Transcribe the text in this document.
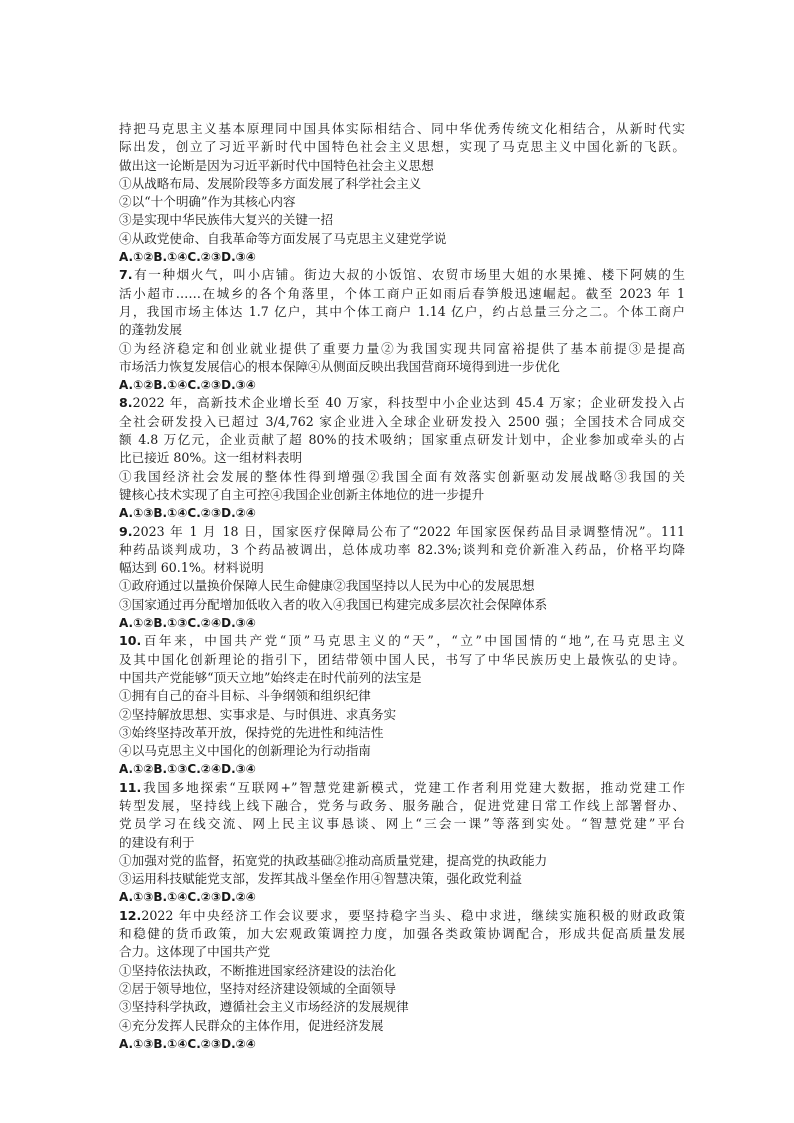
持把马克思主义基本原理同中国具体实际相结合、同中华优秀传统文化相结合，从新时代实
际出发，创立了习近平新时代中国特色社会主义思想，实现了马克思主义中国化新的飞跃。
做出这一论断是因为习近平新时代中国特色社会主义思想
①从战略布局、发展阶段等多方面发展了科学社会主义
②以“十个明确”作为其核心内容
③是实现中华民族伟大复兴的关键一招
④从政党使命、自我革命等方面发展了马克思主义建党学说
A.①②B.①④C.②③D.③④
7.有一种烟火气，叫小店铺。街边大叔的小饭馆、农贸市场里大姐的水果摊、楼下阿姨的生
活小超市……在城乡的各个角落里，个体工商户正如雨后春笋般迅速崛起。截至 2023 年 1
月，我国市场主体达 1.7 亿户，其中个体工商户 1.14 亿户，约占总量三分之二。个体工商户
的蓬勃发展
①为经济稳定和创业就业提供了重要力量②为我国实现共同富裕提供了基本前提③是提高
市场活力恢复发展信心的根本保障④从侧面反映出我国营商环境得到进一步优化
A.①②B.①④C.②③D.③④
8.2022 年，高新技术企业增长至 40 万家，科技型中小企业达到 45.4 万家；企业研发投入占
全社会研发投入已超过 3/4,762 家企业进入全球企业研发投入 2500 强；全国技术合同成交
额 4.8 万亿元，企业贡献了超 80%的技术吸纳；国家重点研发计划中，企业参加或牵头的占
比已接近 80%。这一组材料表明
①我国经济社会发展的整体性得到增强②我国全面有效落实创新驱动发展战略③我国的关
键核心技术实现了自主可控④我国企业创新主体地位的进一步提升
A.①③B.①④C.②③D.②④
9.2023 年 1 月 18 日，国家医疗保障局公布了“2022 年国家医保药品目录调整情况”。111
种药品谈判成功，3 个药品被调出，总体成功率 82.3%;谈判和竞价新准入药品，价格平均降
幅达到 60.1%。材料说明
①政府通过以量换价保障人民生命健康②我国坚持以人民为中心的发展思想
③国家通过再分配增加低收入者的收入④我国已构建完成多层次社会保障体系
A.①②B.①③C.②④D.③④
10.百年来，中国共产党“顶”马克思主义的“天”，“立”中国国情的“地”,在马克思主义
及其中国化创新理论的指引下，团结带领中国人民，书写了中华民族历史上最恢弘的史诗。
中国共产党能够“顶天立地”始终走在时代前列的法宝是
①拥有自己的奋斗目标、斗争纲领和组织纪律
②坚持解放思想、实事求是、与时俱进、求真务实
③始终坚持改革开放，保持党的先进性和纯洁性
④以马克思主义中国化的创新理论为行动指南
A.①②B.①③C.②④D.③④
11.我国多地探索“互联网+”智慧党建新模式，党建工作者利用党建大数据，推动党建工作
转型发展，坚持线上线下融合，党务与政务、服务融合，促进党建日常工作线上部署督办、
党员学习在线交流、网上民主议事恳谈、网上“三会一课”等落到实处。“智慧党建”平台
的建设有利于
①加强对党的监督，拓宽党的执政基础②推动高质量党建，提高党的执政能力
③运用科技赋能党支部，发挥其战斗堡垒作用④智慧决策，强化政党利益
A.①③B.①④C.②③D.②④
12.2022 年中央经济工作会议要求，要坚持稳字当头、稳中求进，继续实施积极的财政政策
和稳健的货币政策，加大宏观政策调控力度，加强各类政策协调配合，形成共促高质量发展
合力。这体现了中国共产党
①坚持依法执政，不断推进国家经济建设的法治化
②居于领导地位，坚持对经济建设领域的全面领导
③坚持科学执政，遵循社会主义市场经济的发展规律
④充分发挥人民群众的主体作用，促进经济发展
A.①③B.①④C.②③D.②④
